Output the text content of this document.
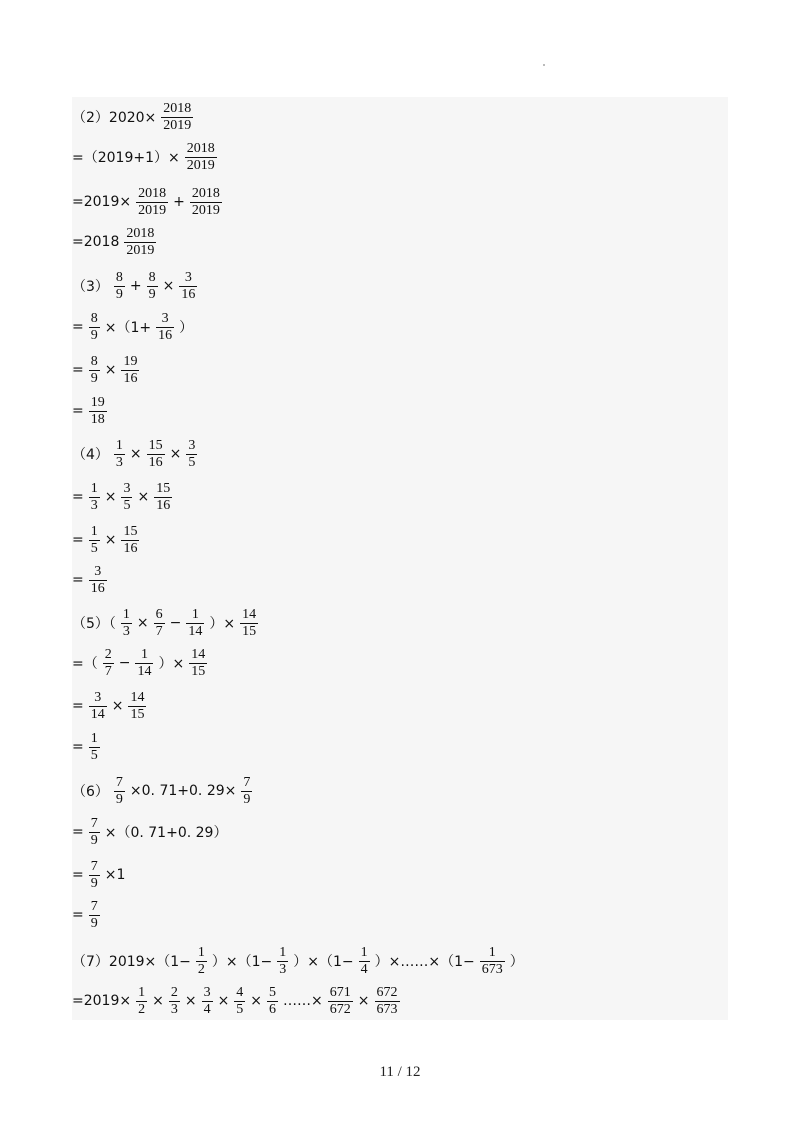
$(2)2020\times \frac{2018}{2019}$
$=(2019+1)\times \frac{2018}{2019}$
$=2019\times \frac{2018}{2019} + \frac{2018}{2019}$
$=2018 \frac{2018}{2019}$
$(3) \frac{8}{9} + \frac{8}{9} \times \frac{3}{16}$
= $\frac{8}{9} \times(1+ \frac{3}{16}$ ）
= $\frac{8}{9} \times \frac{19}{16}$
= $\frac{19}{18}$
$(4) \frac{1}{3} \times \frac{15}{16} \times \frac{3}{5}$
= $\frac{1}{3} \times \frac{3}{5} \times \frac{15}{16}$
= $\frac{1}{5} \times \frac{15}{16}$
= $\frac{3}{16}$
$(5)( \frac{1}{3} \times \frac{6}{7} - \frac{1}{14}$ ）× $\frac{14}{15}$
=（ $\frac{2}{7} - \frac{1}{14}$ ）× $\frac{14}{15}$
= $\frac{3}{14} \times \frac{14}{15}$
= $\frac{1}{5}$
$(6) \frac{7}{9} \times 0$. 71+0. $29\times \frac{7}{9}$
= $\frac{7}{9} \times(0$. 71+0. 29）
= $\frac{7}{9} \times 1$
= $\frac{7}{9}$
$(7)2019\times(1- \frac{1}{2} )\times(1- \frac{1}{3} )\times(1- \frac{1}{4}$ ）×……×（1− $\frac{1}{673}$ ）
$=2019\times \frac{1}{2} \times \frac{2}{3} \times \frac{3}{4} \times \frac{4}{5} \times \frac{5}{6}$ ……× $\frac{671}{672} \times \frac{672}{673}$
11 / 12
